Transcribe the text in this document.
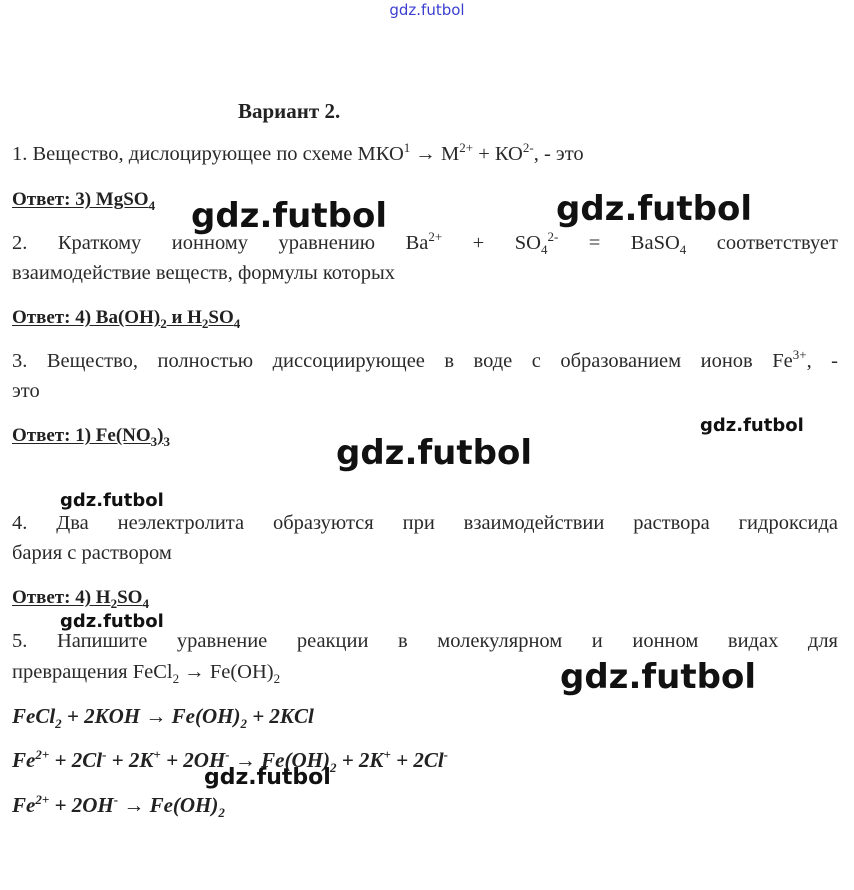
gdz.futbol
Вариант 2.
1. Вещество, дислоцирующее по схеме $МКО^1 \to М^{2+} + КО^{2-}$, - это
Ответ: 3) MgSO$_4$
2. Краткому ионному уравнению $Ba^{2+} + SO_4^{2-}$ = BaSO$_4$ соответствует
взаимодействие веществ, формулы которых
Ответ: 4) $Ba(OH)_2$ и $H_2SO_4$
3. Вещество, полностью диссоциирующее в воде с образованием ионов $Fe^{3+}$, -
это
Ответ: 1) $Fe(NO_3)_3$
4. Два неэлектролита образуются при взаимодействии раствора гидроксида
бария с раствором
Ответ: 4) $H_2SO_4$
5. Напишите уравнение реакции в молекулярном и ионном видах для
превращения FeCl$_2$ → $Fe(OH)_2$
FeCl$_2$ + $2KOH \to Fe(OH)_2 + 2KCl$
$Fe^{2+} + 2Cl^- + 2K^+ + 2OH^- \to Fe(OH)_2 + 2K^+ + 2Cl^-$
$Fe^{2+} + 2OH^- \to Fe(OH)_2$
gdz.futbol	gdz.futbol
gdz.futbol
gdz.futbol
gdz.futbol
gdz.futbol
gdz.futbol
gdz.futbol
